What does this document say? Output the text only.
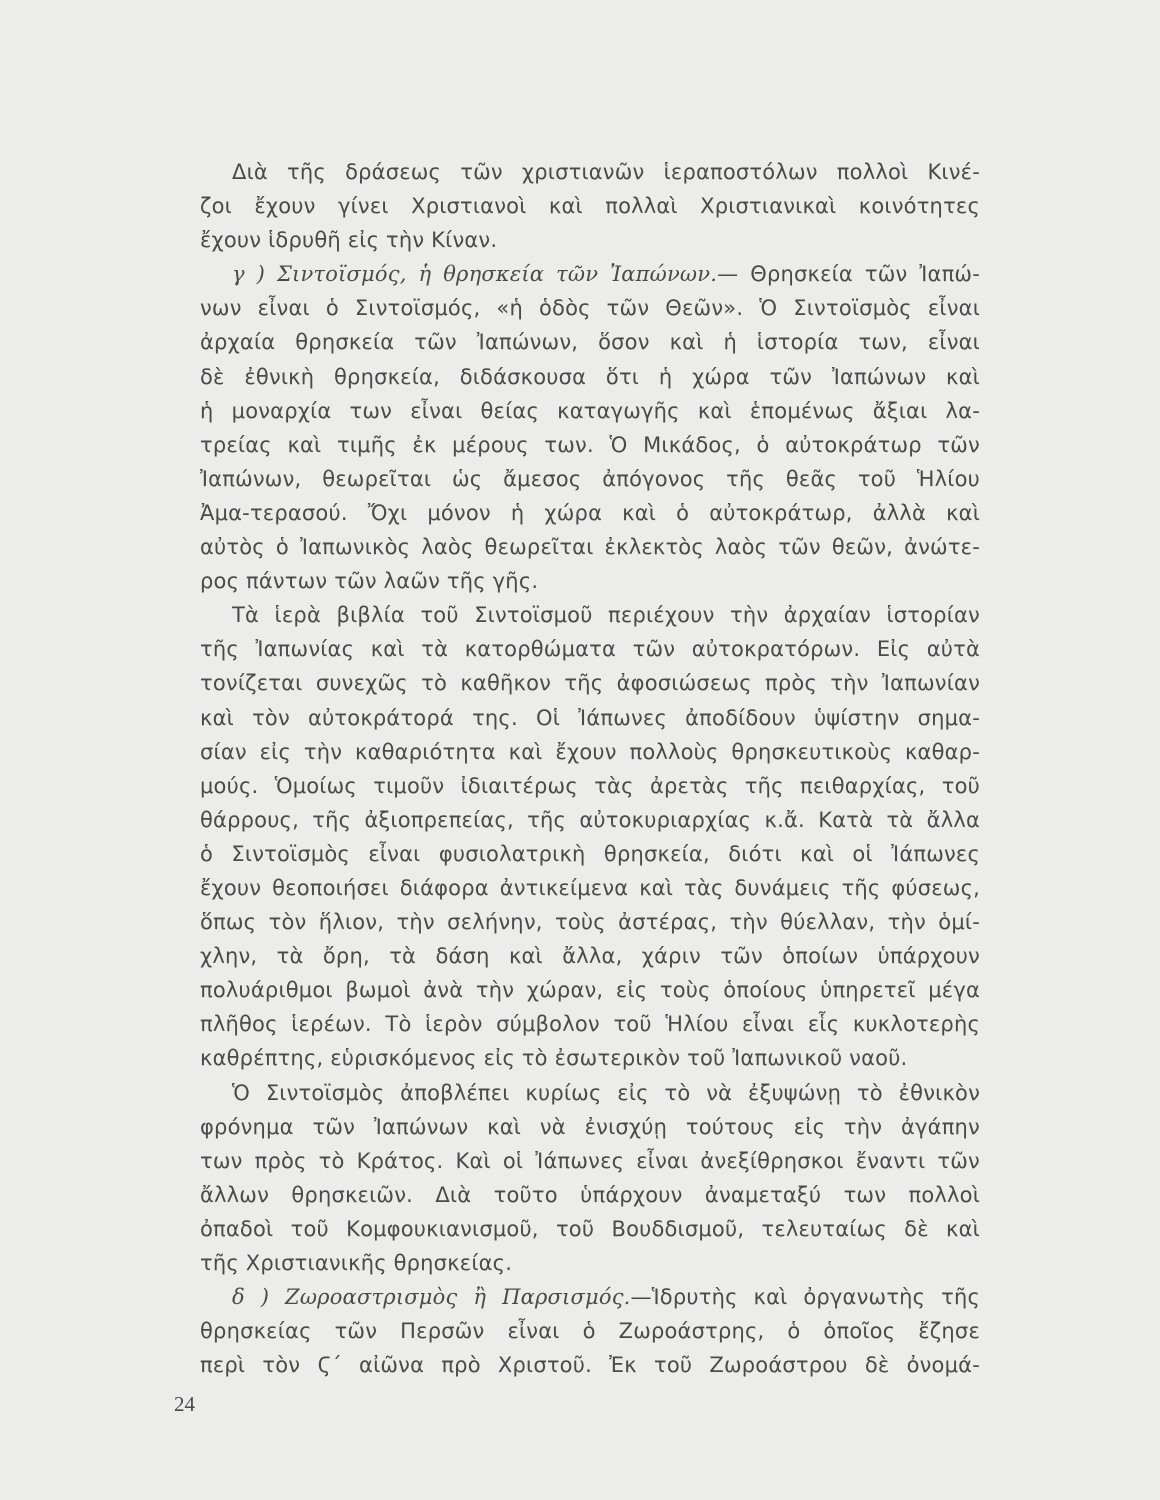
Διὰ τῆς δράσεως τῶν χριστιανῶν ἱεραποστόλων πολλοὶ Κινέ-
ζοι ἔχουν γίνει Χριστιανοὶ καὶ πολλαὶ Χριστιανικαὶ κοινότητες
ἔχουν ἱδρυθῆ εἰς τὴν Κίναν.
γ ) Σιντοϊσμός, ἡ θρησκεία τῶν Ἰαπώνων.— Θρησκεία τῶν Ἰαπώ-
νων εἶναι ὁ Σιντοϊσμός, «ἡ ὁδὸς τῶν Θεῶν». Ὁ Σιντοϊσμὸς εἶναι
ἀρχαία θρησκεία τῶν Ἰαπώνων, ὅσον καὶ ἡ ἱστορία των, εἶναι
δὲ ἐθνικὴ θρησκεία, διδάσκουσα ὅτι ἡ χώρα τῶν Ἰαπώνων καὶ
ἡ μοναρχία των εἶναι θείας καταγωγῆς καὶ ἑπομένως ἄξιαι λα-
τρείας καὶ τιμῆς ἐκ μέρους των. Ὁ Μικάδος, ὁ αὐτοκράτωρ τῶν
Ἰαπώνων, θεωρεῖται ὡς ἄμεσος ἀπόγονος τῆς θεᾶς τοῦ Ἡλίου
Ἀμα-τερασού. Ὄχι μόνον ἡ χώρα καὶ ὁ αὐτοκράτωρ, ἀλλὰ καὶ
αὐτὸς ὁ Ἰαπωνικὸς λαὸς θεωρεῖται ἐκλεκτὸς λαὸς τῶν θεῶν, ἀνώτε-
ρος πάντων τῶν λαῶν τῆς γῆς.
Τὰ ἱερὰ βιβλία τοῦ Σιντοϊσμοῦ περιέχουν τὴν ἀρχαίαν ἱστορίαν
τῆς Ἰαπωνίας καὶ τὰ κατορθώματα τῶν αὐτοκρατόρων. Εἰς αὐτὰ
τονίζεται συνεχῶς τὸ καθῆκον τῆς ἀφοσιώσεως πρὸς τὴν Ἰαπωνίαν
καὶ τὸν αὐτοκράτορά της. Οἱ Ἰάπωνες ἀποδίδουν ὑψίστην σημα-
σίαν εἰς τὴν καθαριότητα καὶ ἔχουν πολλοὺς θρησκευτικοὺς καθαρ-
μούς. Ὁμοίως τιμοῦν ἰδιαιτέρως τὰς ἀρετὰς τῆς πειθαρχίας, τοῦ
θάρρους, τῆς ἀξιοπρεπείας, τῆς αὐτοκυριαρχίας κ.ἄ. Κατὰ τὰ ἄλλα
ὁ Σιντοϊσμὸς εἶναι φυσιολατρικὴ θρησκεία, διότι καὶ οἱ Ἰάπωνες
ἔχουν θεοποιήσει διάφορα ἀντικείμενα καὶ τὰς δυνάμεις τῆς φύσεως,
ὅπως τὸν ἥλιον, τὴν σελήνην, τοὺς ἀστέρας, τὴν θύελλαν, τὴν ὁμί-
χλην, τὰ ὄρη, τὰ δάση καὶ ἄλλα, χάριν τῶν ὁποίων ὑπάρχουν
πολυάριθμοι βωμοὶ ἀνὰ τὴν χώραν, εἰς τοὺς ὁποίους ὑπηρετεῖ μέγα
πλῆθος ἱερέων. Τὸ ἱερὸν σύμβολον τοῦ Ἡλίου εἶναι εἷς κυκλοτερὴς
καθρέπτης, εὑρισκόμενος εἰς τὸ ἐσωτερικὸν τοῦ Ἰαπωνικοῦ ναοῦ.
Ὁ Σιντοϊσμὸς ἀποβλέπει κυρίως εἰς τὸ νὰ ἐξυψώνῃ τὸ ἐθνικὸν
φρόνημα τῶν Ἰαπώνων καὶ νὰ ἐνισχύῃ τούτους εἰς τὴν ἀγάπην
των πρὸς τὸ Κράτος. Καὶ οἱ Ἰάπωνες εἶναι ἀνεξίθρησκοι ἔναντι τῶν
ἄλλων θρησκειῶν. Διὰ τοῦτο ὑπάρχουν ἀναμεταξύ των πολλοὶ
ὀπαδοὶ τοῦ Κομφουκιανισμοῦ, τοῦ Βουδδισμοῦ, τελευταίως δὲ καὶ
τῆς Χριστιανικῆς θρησκείας.
δ ) Ζωροαστρισμὸς ἢ Παρσισμός.—Ἱδρυτὴς καὶ ὀργανωτὴς τῆς
θρησκείας τῶν Περσῶν εἶναι ὁ Ζωροάστρης, ὁ ὁποῖος ἔζησε
περὶ τὸν Ϛ΄ αἰῶνα πρὸ Χριστοῦ. Ἐκ τοῦ Ζωροάστρου δὲ ὀνομά-
24
